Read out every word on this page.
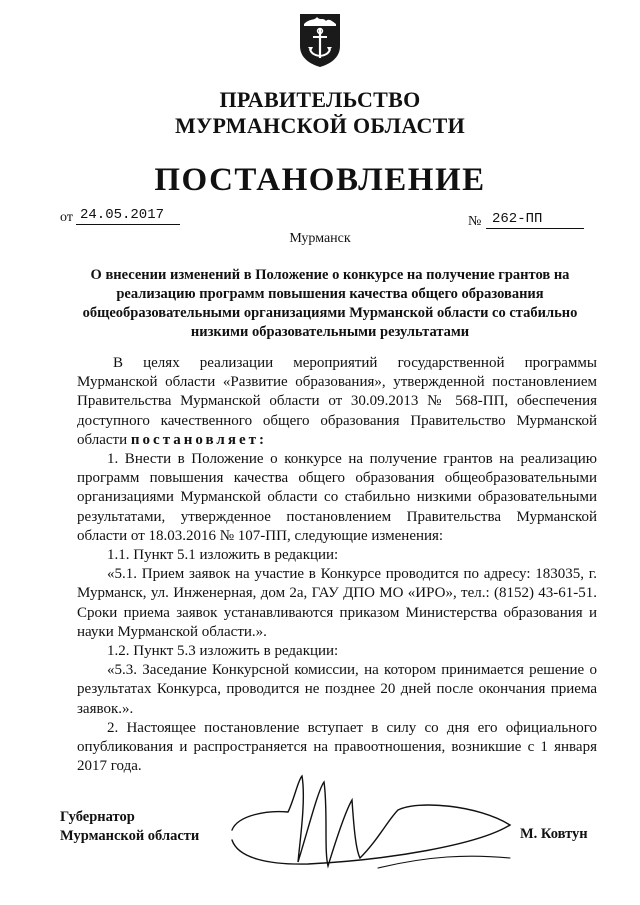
ПРАВИТЕЛЬСТВО
МУРМАНСКОЙ ОБЛАСТИ
ПОСТАНОВЛЕНИЕ
от 24.05.2017	№ 262-ПП
Мурманск
О внесении изменений в Положение о конкурсе на получение грантов на реализацию программ повышения качества общего образования общеобразовательными организациями Мурманской области со стабильно низкими образовательными результатами

В целях реализации мероприятий государственной программы Мурманской области «Развитие образования», утвержденной постановлением Правительства Мурманской области от 30.09.2013 № 568-ПП, обеспечения доступного качественного общего образования Правительство Мурманской области постановляет:

1. Внести в Положение о конкурсе на получение грантов на реализацию программ повышения качества общего образования общеобразовательными организациями Мурманской области со стабильно низкими образовательными результатами, утвержденное постановлением Правительства Мурманской области от 18.03.2016 № 107-ПП, следующие изменения:

1.1. Пункт 5.1 изложить в редакции:

«5.1. Прием заявок на участие в Конкурсе проводится по адресу: 183035, г. Мурманск, ул. Инженерная, дом 2а, ГАУ ДПО МО «ИРО», тел.: (8152) 43-61-51. Сроки приема заявок устанавливаются приказом Министерства образования и науки Мурманской области.».

1.2. Пункт 5.3 изложить в редакции:

«5.3. Заседание Конкурсной комиссии, на котором принимается решение о результатах Конкурса, проводится не позднее 20 дней после окончания приема заявок.».

2. Настоящее постановление вступает в силу со дня его официального опубликования и распространяется на правоотношения, возникшие с 1 января 2017 года.

Губернатор
Мурманской области	М. Ковтун
